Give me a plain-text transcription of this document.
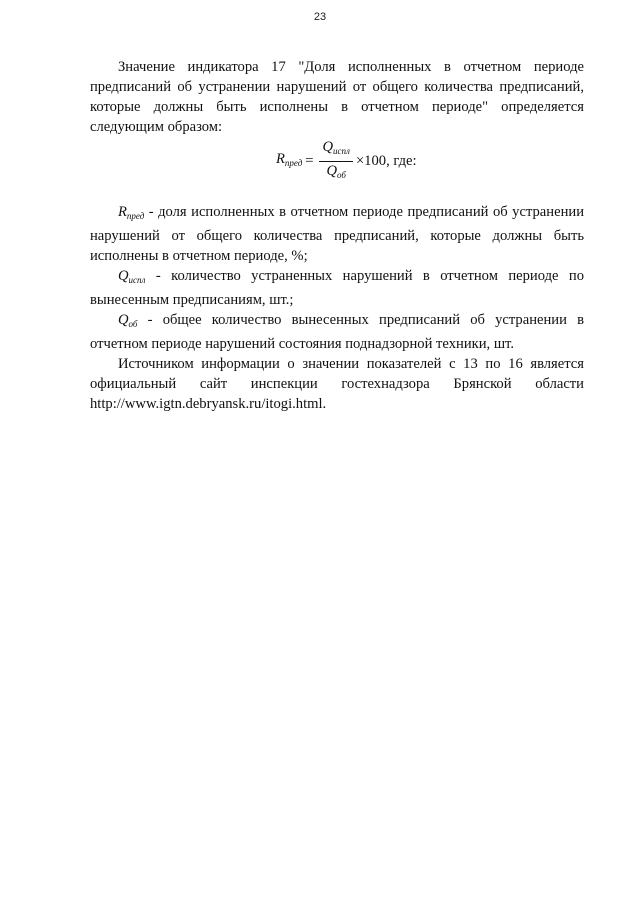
23

Значение индикатора 17 "Доля исполненных в отчетном периоде предписаний об устранении нарушений от общего количества предписаний, которые должны быть исполнены в отчетном периоде" определяется следующим образом:

$R_{пред} = \frac{Q_{испл}}{Q_{об}} \times 100$ , где:

$R_{пред}$ - доля исполненных в отчетном периоде предписаний об устранении нарушений от общего количества предписаний, которые должны быть исполнены в отчетном периоде, %;

$Q_{испл}$ - количество устраненных нарушений в отчетном периоде по вынесенным предписаниям, шт.;

$Q_{об}$ - общее количество вынесенных предписаний об устранении в отчетном периоде нарушений состояния поднадзорной техники, шт.

Источником информации о значении показателей с 13 по 16 является официальный сайт инспекции гостехнадзора Брянской области

http://www.igtn.debryansk.ru/itogi.html.
